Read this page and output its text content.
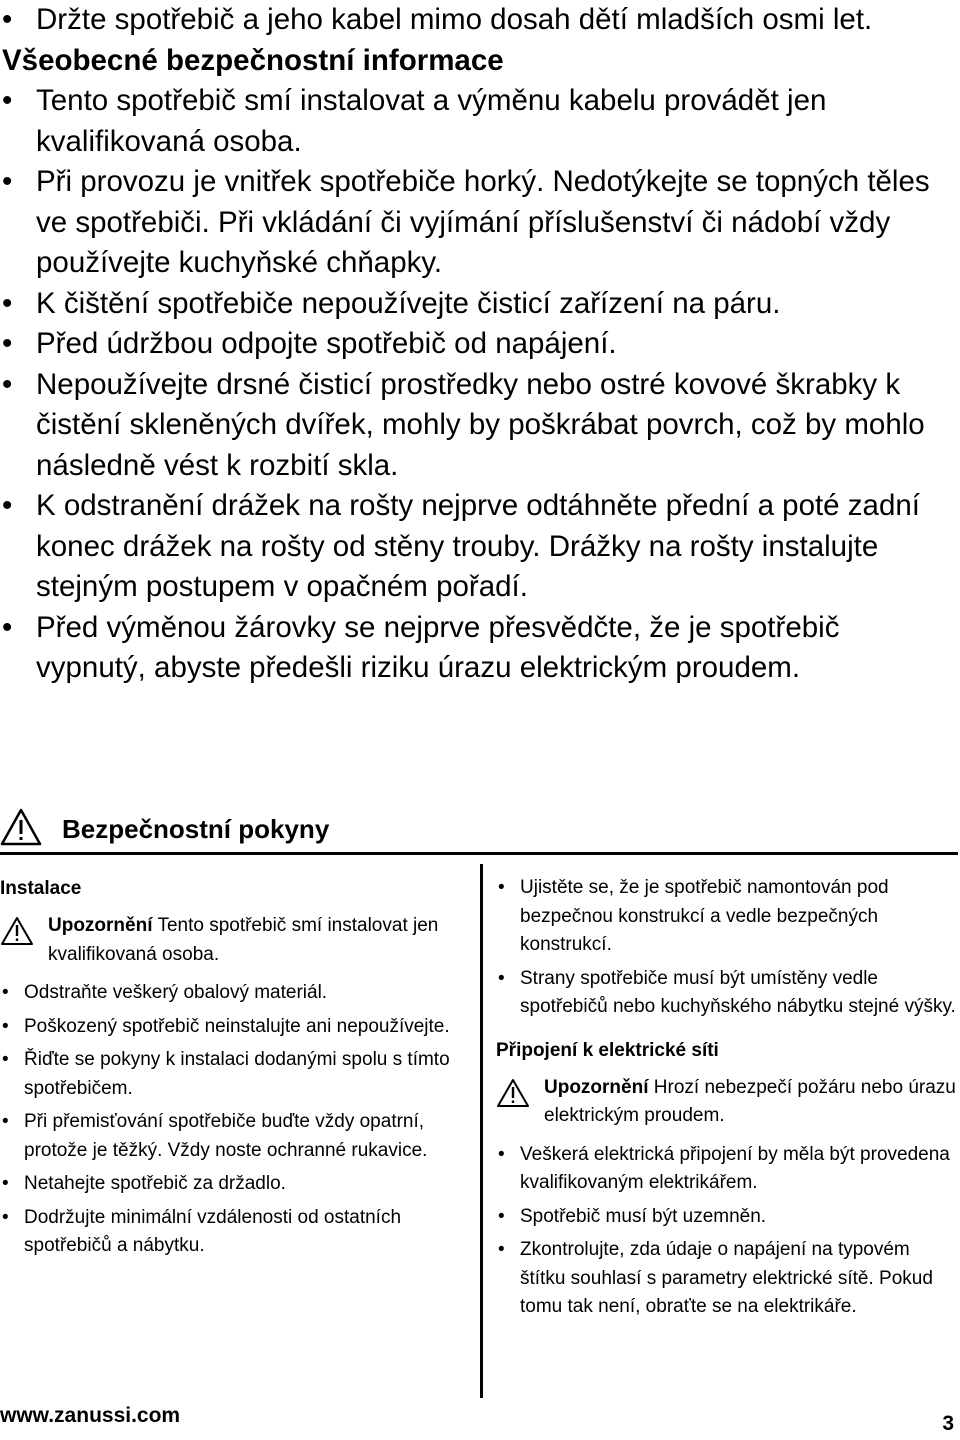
• Držte spotřebič a jeho kabel mimo dosah dětí mladších osmi let.
Všeobecné bezpečnostní informace
• Tento spotřebič smí instalovat a výměnu kabelu provádět jen kvalifikovaná osoba.
• Při provozu je vnitřek spotřebiče horký. Nedotýkejte se topných těles ve spotřebiči. Při vkládání či vyjímání příslušenství či nádobí vždy používejte kuchyňské chňapky.
• K čištění spotřebiče nepoužívejte čisticí zařízení na páru.
• Před údržbou odpojte spotřebič od napájení.
• Nepoužívejte drsné čisticí prostředky nebo ostré kovové škrabky k čistění skleněných dvířek, mohly by poškrábat povrch, což by mohlo následně vést k rozbití skla.
• K odstranění drážek na rošty nejprve odtáhněte přední a poté zadní konec drážek na rošty od stěny trouby. Drážky na rošty instalujte stejným postupem v opačném pořadí.
• Před výměnou žárovky se nejprve přesvědčte, že je spotřebič vypnutý, abyste předešli riziku úrazu elektrickým proudem.
Bezpečnostní pokyny
Instalace
Upozornění Tento spotřebič smí instalovat jen kvalifikovaná osoba.
• Odstraňte veškerý obalový materiál.
• Poškozený spotřebič neinstalujte ani nepoužívejte.
• Řiďte se pokyny k instalaci dodanými spolu s tímto spotřebičem.
• Při přemisťování spotřebiče buďte vždy opatrní, protože je těžký. Vždy noste ochranné rukavice.
• Netahejte spotřebič za držadlo.
• Dodržujte minimální vzdálenosti od ostatních spotřebičů a nábytku.
• Ujistěte se, že je spotřebič namontován pod bezpečnou konstrukcí a vedle bezpečných konstrukcí.
• Strany spotřebiče musí být umístěny vedle spotřebičů nebo kuchyňského nábytku stejné výšky.
Připojení k elektrické síti
Upozornění Hrozí nebezpečí požáru nebo úrazu elektrickým proudem.
• Veškerá elektrická připojení by měla být provedena kvalifikovaným elektrikářem.
• Spotřebič musí být uzemněn.
• Zkontrolujte, zda údaje o napájení na typovém štítku souhlasí s parametry elektrické sítě. Pokud tomu tak není, obraťte se na elektrikáře.
www.zanussi.com	3
